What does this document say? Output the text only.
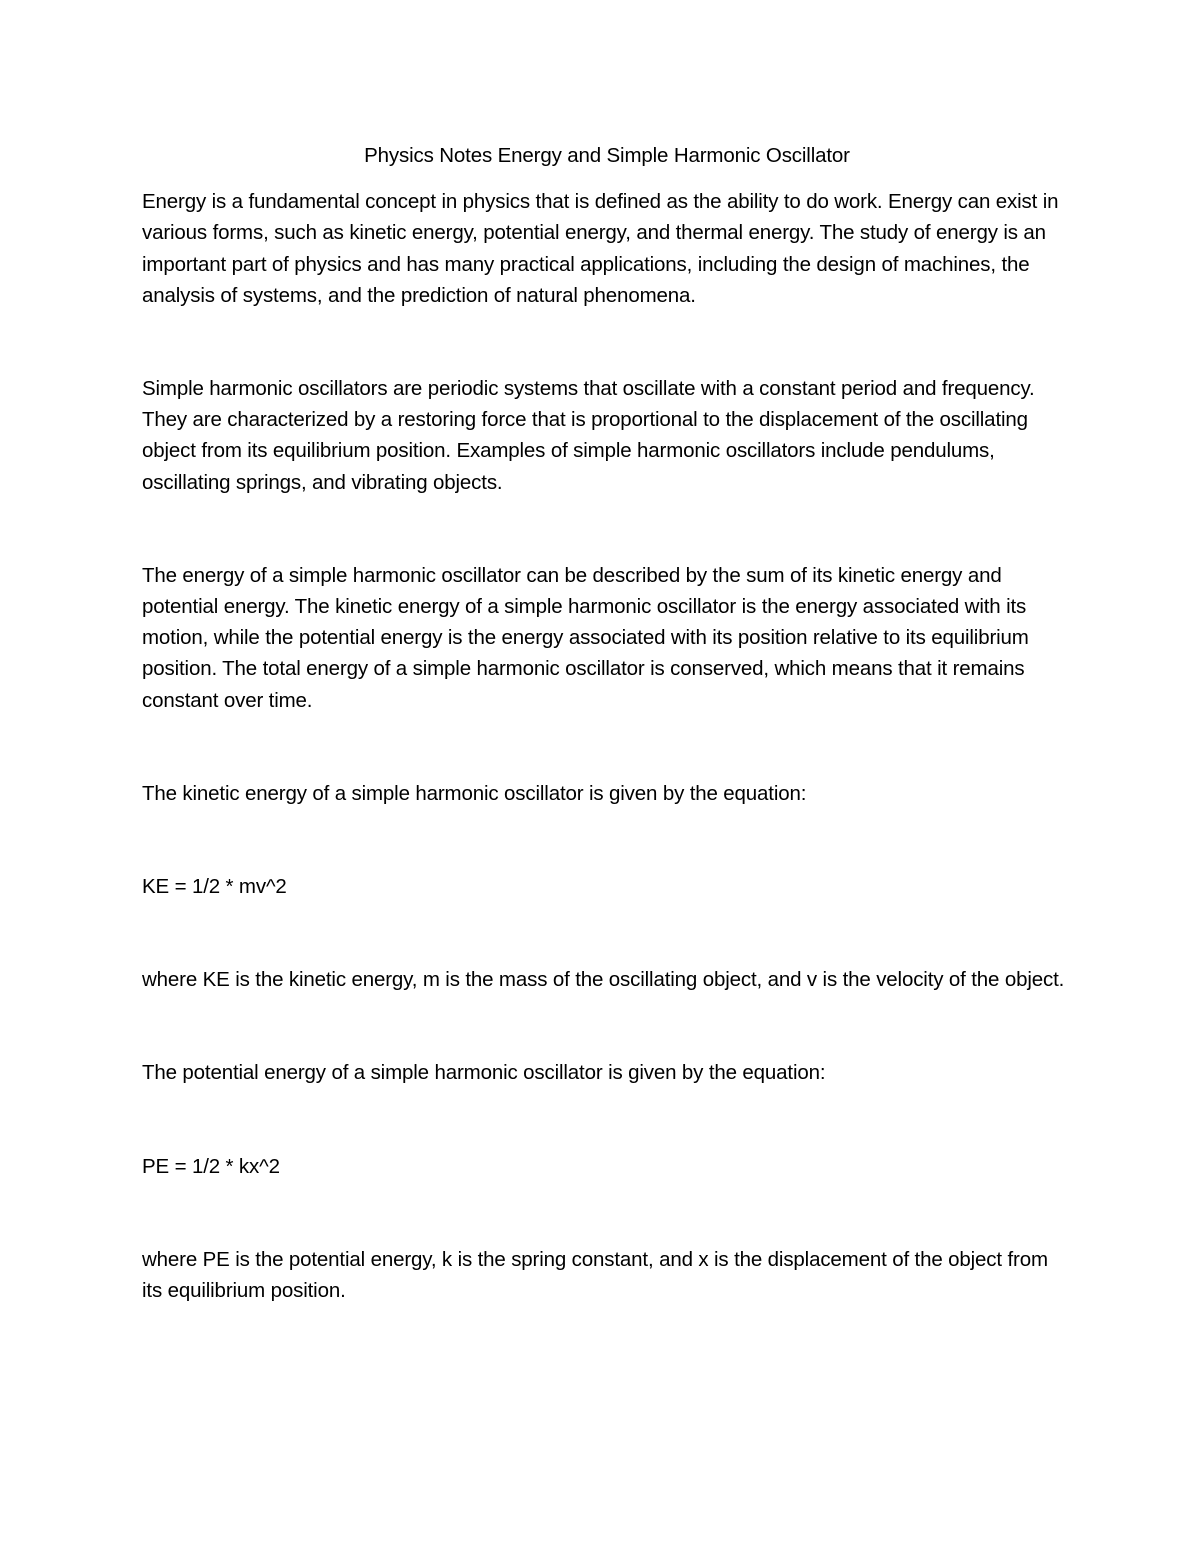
Physics Notes Energy and Simple Harmonic Oscillator

Energy is a fundamental concept in physics that is defined as the ability to do work. Energy can exist in various forms, such as kinetic energy, potential energy, and thermal energy. The study of energy is an important part of physics and has many practical applications, including the design of machines, the analysis of systems, and the prediction of natural phenomena.

Simple harmonic oscillators are periodic systems that oscillate with a constant period and frequency. They are characterized by a restoring force that is proportional to the displacement of the oscillating object from its equilibrium position. Examples of simple harmonic oscillators include pendulums, oscillating springs, and vibrating objects.

The energy of a simple harmonic oscillator can be described by the sum of its kinetic energy and potential energy. The kinetic energy of a simple harmonic oscillator is the energy associated with its motion, while the potential energy is the energy associated with its position relative to its equilibrium position. The total energy of a simple harmonic oscillator is conserved, which means that it remains constant over time.

The kinetic energy of a simple harmonic oscillator is given by the equation:

KE = 1/2 * mv^2

where KE is the kinetic energy, m is the mass of the oscillating object, and v is the velocity of the object.

The potential energy of a simple harmonic oscillator is given by the equation:

PE = 1/2 * kx^2

where PE is the potential energy, k is the spring constant, and x is the displacement of the object from its equilibrium position.
